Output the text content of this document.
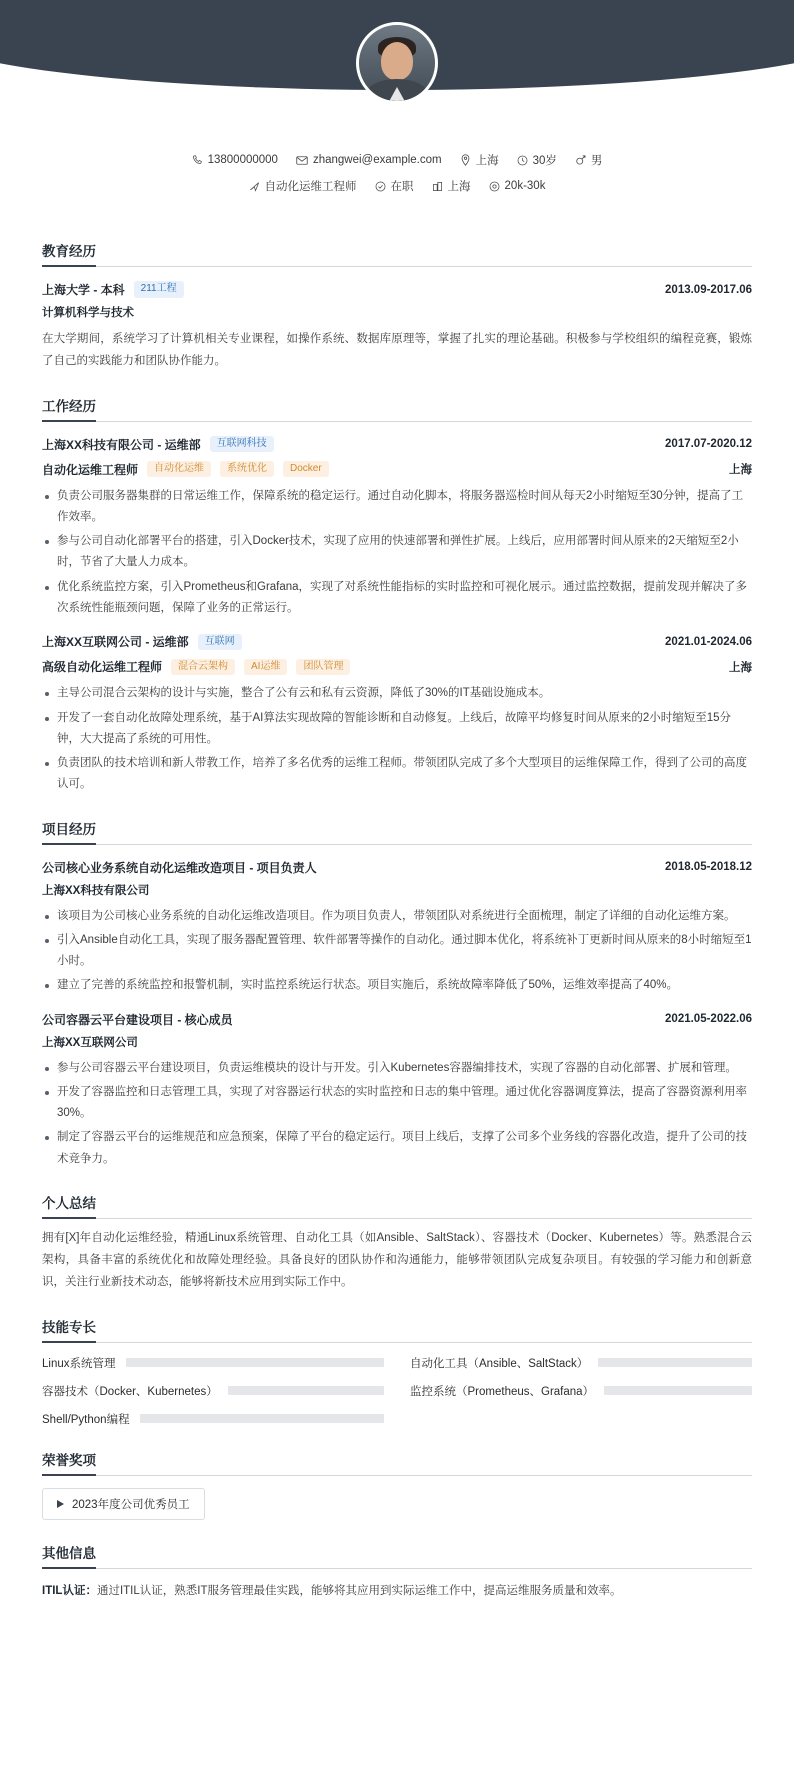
简小全
13800000000	zhangwei@example.com	上海	30岁	男
自动化运维工程师	在职	上海	20k-30k
教育经历
上海大学 - 本科	211工程	2013.09-2017.06
计算机科学与技术
在大学期间，系统学习了计算机相关专业课程，如操作系统、数据库原理等，掌握了扎实的理论基础。积极参与学校组织的编程竞赛，锻炼了自己的实践能力和团队协作能力。
工作经历
上海XX科技有限公司 - 运维部	互联网科技	2017.07-2020.12
自动化运维工程师	自动化运维	系统优化	Docker	上海
负责公司服务器集群的日常运维工作，保障系统的稳定运行。通过自动化脚本，将服务器巡检时间从每天2小时缩短至30分钟，提高了工作效率。
参与公司自动化部署平台的搭建，引入Docker技术，实现了应用的快速部署和弹性扩展。上线后，应用部署时间从原来的2天缩短至2小时，节省了大量人力成本。
优化系统监控方案，引入Prometheus和Grafana，实现了对系统性能指标的实时监控和可视化展示。通过监控数据，提前发现并解决了多次系统性能瓶颈问题，保障了业务的正常运行。
上海XX互联网公司 - 运维部	互联网	2021.01-2024.06
高级自动化运维工程师	混合云架构	AI运维	团队管理	上海
主导公司混合云架构的设计与实施，整合了公有云和私有云资源，降低了30%的IT基础设施成本。
开发了一套自动化故障处理系统，基于AI算法实现故障的智能诊断和自动修复。上线后，故障平均修复时间从原来的2小时缩短至15分钟，大大提高了系统的可用性。
负责团队的技术培训和新人带教工作，培养了多名优秀的运维工程师。带领团队完成了多个大型项目的运维保障工作，得到了公司的高度认可。
项目经历
公司核心业务系统自动化运维改造项目 - 项目负责人	2018.05-2018.12
上海XX科技有限公司
该项目为公司核心业务系统的自动化运维改造项目。作为项目负责人，带领团队对系统进行全面梳理，制定了详细的自动化运维方案。
引入Ansible自动化工具，实现了服务器配置管理、软件部署等操作的自动化。通过脚本优化，将系统补丁更新时间从原来的8小时缩短至1小时。
建立了完善的系统监控和报警机制，实时监控系统运行状态。项目实施后，系统故障率降低了50%，运维效率提高了40%。
公司容器云平台建设项目 - 核心成员	2021.05-2022.06
上海XX互联网公司
参与公司容器云平台建设项目，负责运维模块的设计与开发。引入Kubernetes容器编排技术，实现了容器的自动化部署、扩展和管理。
开发了容器监控和日志管理工具，实现了对容器运行状态的实时监控和日志的集中管理。通过优化容器调度算法，提高了容器资源利用率30%。
制定了容器云平台的运维规范和应急预案，保障了平台的稳定运行。项目上线后，支撑了公司多个业务线的容器化改造，提升了公司的技术竞争力。
个人总结
拥有[X]年自动化运维经验，精通Linux系统管理、自动化工具（如Ansible、SaltStack）、容器技术（Docker、Kubernetes）等。熟悉混合云架构，具备丰富的系统优化和故障处理经验。具备良好的团队协作和沟通能力，能够带领团队完成复杂项目。有较强的学习能力和创新意识，关注行业新技术动态，能够将新技术应用到实际工作中。
技能专长
Linux系统管理	自动化工具（Ansible、SaltStack）
容器技术（Docker、Kubernetes）	监控系统（Prometheus、Grafana）
Shell/Python编程
荣誉奖项
2023年度公司优秀员工
其他信息
ITIL认证：通过ITIL认证，熟悉IT服务管理最佳实践，能够将其应用到实际运维工作中，提高运维服务质量和效率。
